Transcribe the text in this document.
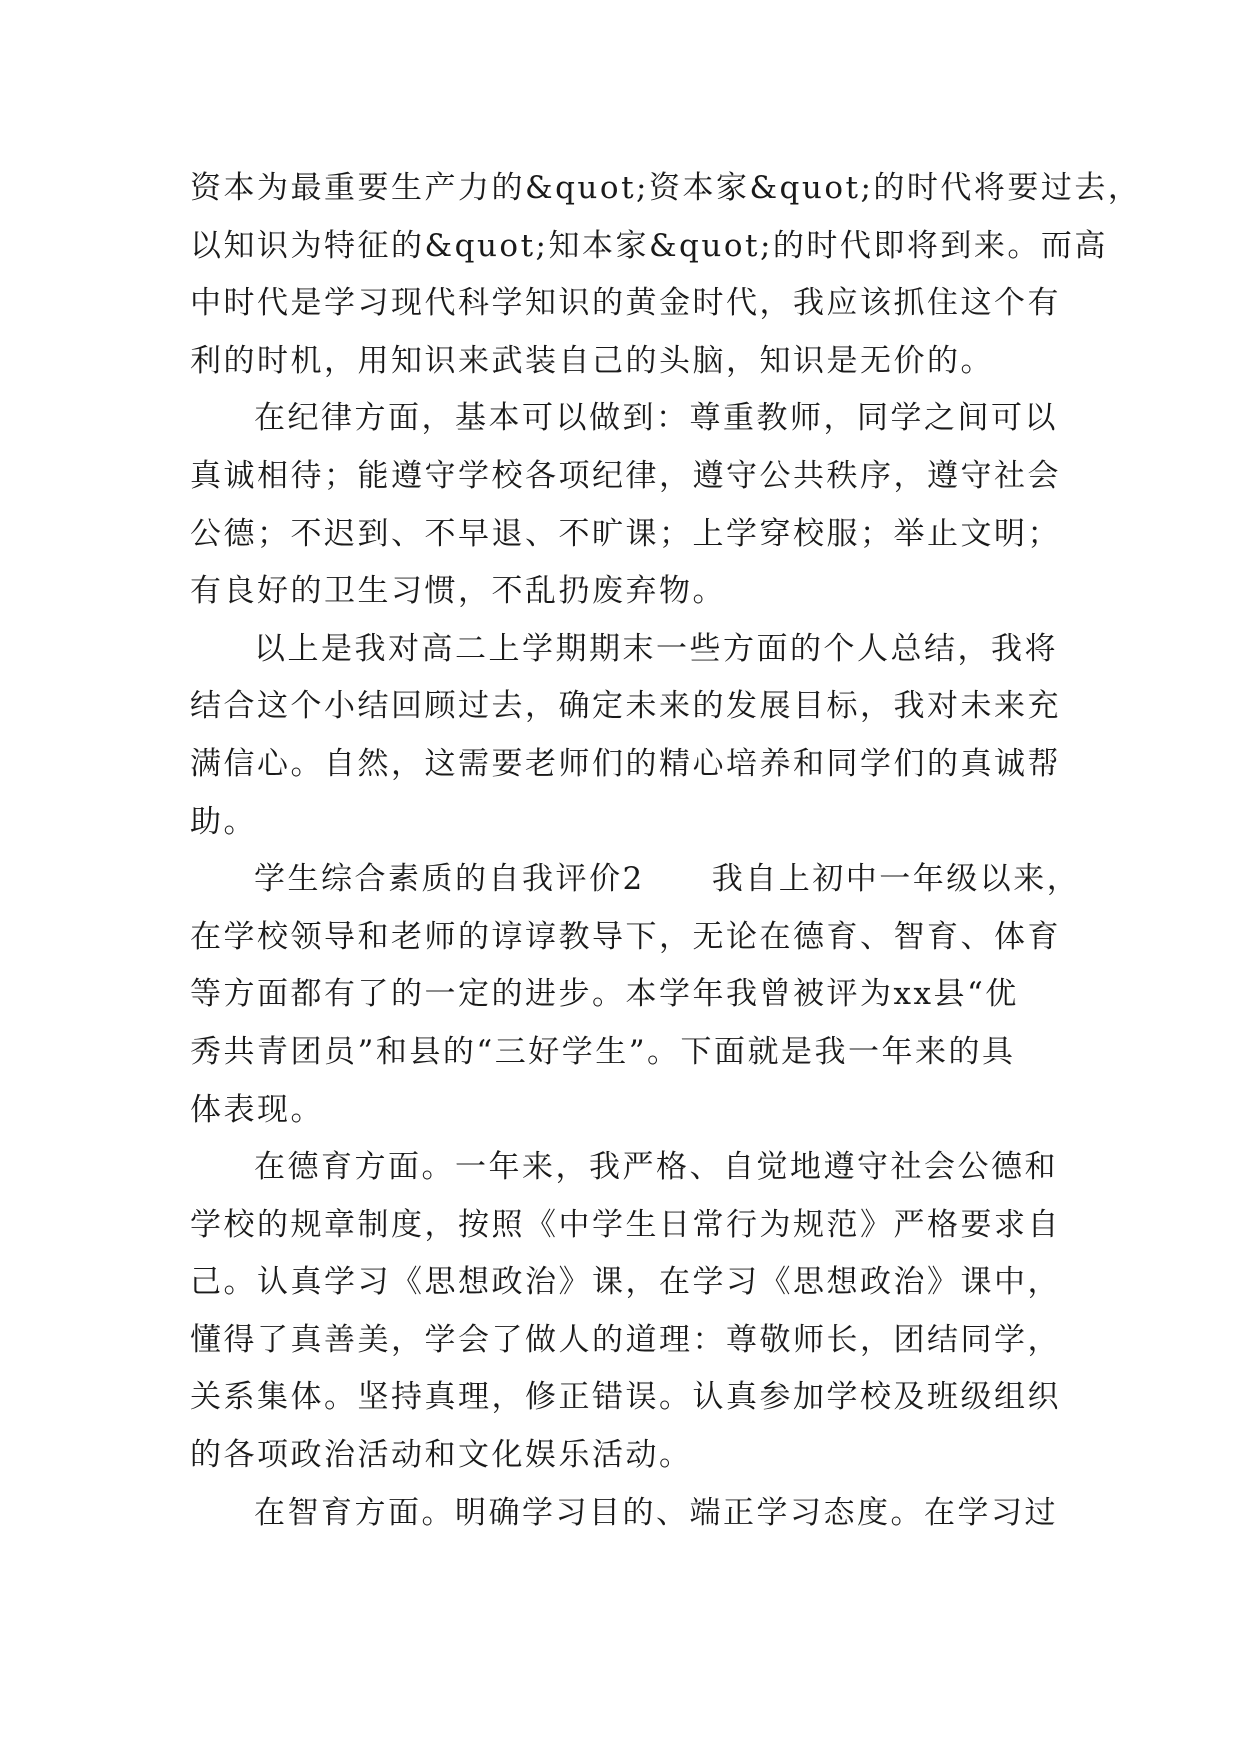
资本为最重要生产力的&quot;资本家&quot;的时代将要过去，
以知识为特征的&quot;知本家&quot;的时代即将到来。而高
中时代是学习现代科学知识的黄金时代，我应该抓住这个有
利的时机，用知识来武装自己的头脑，知识是无价的。
在纪律方面，基本可以做到：尊重教师，同学之间可以
真诚相待；能遵守学校各项纪律，遵守公共秩序，遵守社会
公德；不迟到、不早退、不旷课；上学穿校服；举止文明；
有良好的卫生习惯，不乱扔废弃物。
以上是我对高二上学期期末一些方面的个人总结，我将
结合这个小结回顾过去，确定未来的发展目标，我对未来充
满信心。自然，这需要老师们的精心培养和同学们的真诚帮
助。
学生综合素质的自我评价2　　我自上初中一年级以来，
在学校领导和老师的谆谆教导下，无论在德育、智育、体育
等方面都有了的一定的进步。本学年我曾被评为xx县“优
秀共青团员”和县的“三好学生”。下面就是我一年来的具
体表现。
在德育方面。一年来，我严格、自觉地遵守社会公德和
学校的规章制度，按照《中学生日常行为规范》严格要求自
己。认真学习《思想政治》课，在学习《思想政治》课中，
懂得了真善美，学会了做人的道理：尊敬师长，团结同学，
关系集体。坚持真理，修正错误。认真参加学校及班级组织
的各项政治活动和文化娱乐活动。
在智育方面。明确学习目的、端正学习态度。在学习过
